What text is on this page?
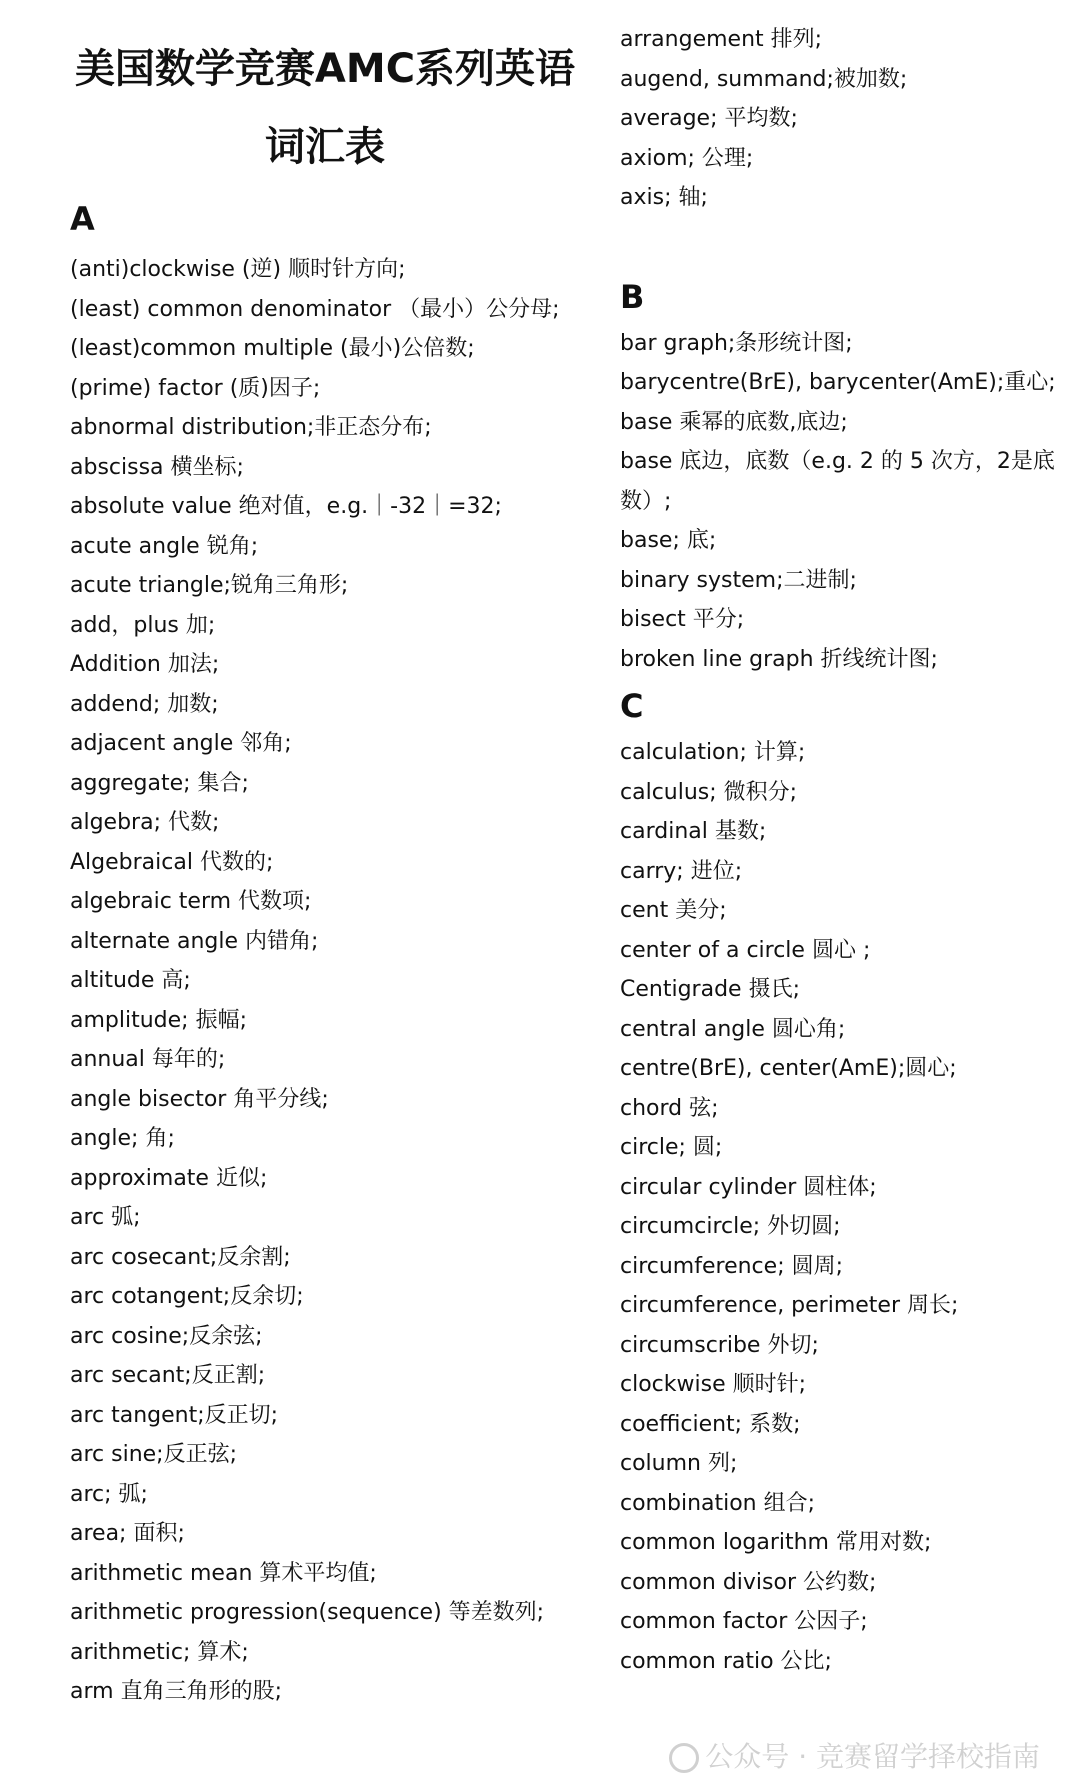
美国数学竞赛AMC系列英语
词汇表
A
(anti)clockwise (逆) 顺时针方向;
(least) common denominator （最小）公分母;
(least)common multiple (最小)公倍数;
(prime) factor (质)因子;
abnormal distribution;非正态分布;
abscissa 横坐标;
absolute value 绝对值，e.g.｜-32｜=32;
acute angle 锐角;
acute triangle;锐角三角形;
add，plus 加;
Addition 加法;
addend; 加数;
adjacent angle 邻角;
aggregate; 集合;
algebra; 代数;
Algebraical 代数的;
algebraic term 代数项;
alternate angle 内错角;
altitude 高;
amplitude; 振幅;
annual 每年的;
angle bisector 角平分线;
angle; 角;
approximate 近似;
arc 弧;
arc cosecant;反余割;
arc cotangent;反余切;
arc cosine;反余弦;
arc secant;反正割;
arc tangent;反正切;
arc sine;反正弦;
arc; 弧;
area; 面积;
arithmetic mean 算术平均值;
arithmetic progression(sequence) 等差数列;
arithmetic; 算术;
arm 直角三角形的股;
arrangement 排列;
augend, summand;被加数;
average; 平均数;
axiom; 公理;
axis; 轴;
B
bar graph;条形统计图;
barycentre(BrE), barycenter(AmE);重心;
base 乘幂的底数,底边;
base 底边，底数（e.g. 2 的 5 次方，2是底数）;
base; 底;
binary system;二进制;
bisect 平分;
broken line graph 折线统计图;
C
calculation; 计算;
calculus; 微积分;
cardinal 基数;
carry; 进位;
cent 美分;
center of a circle 圆心 ;
Centigrade 摄氏;
central angle 圆心角;
centre(BrE), center(AmE);圆心;
chord 弦;
circle; 圆;
circular cylinder 圆柱体;
circumcircle; 外切圆;
circumference; 圆周;
circumference, perimeter 周长;
circumscribe 外切;
clockwise 顺时针;
coefficient; 系数;
column 列;
combination 组合;
common logarithm 常用对数;
common divisor 公约数;
common factor 公因子;
common ratio 公比;
公众号 · 竞赛留学择校指南
